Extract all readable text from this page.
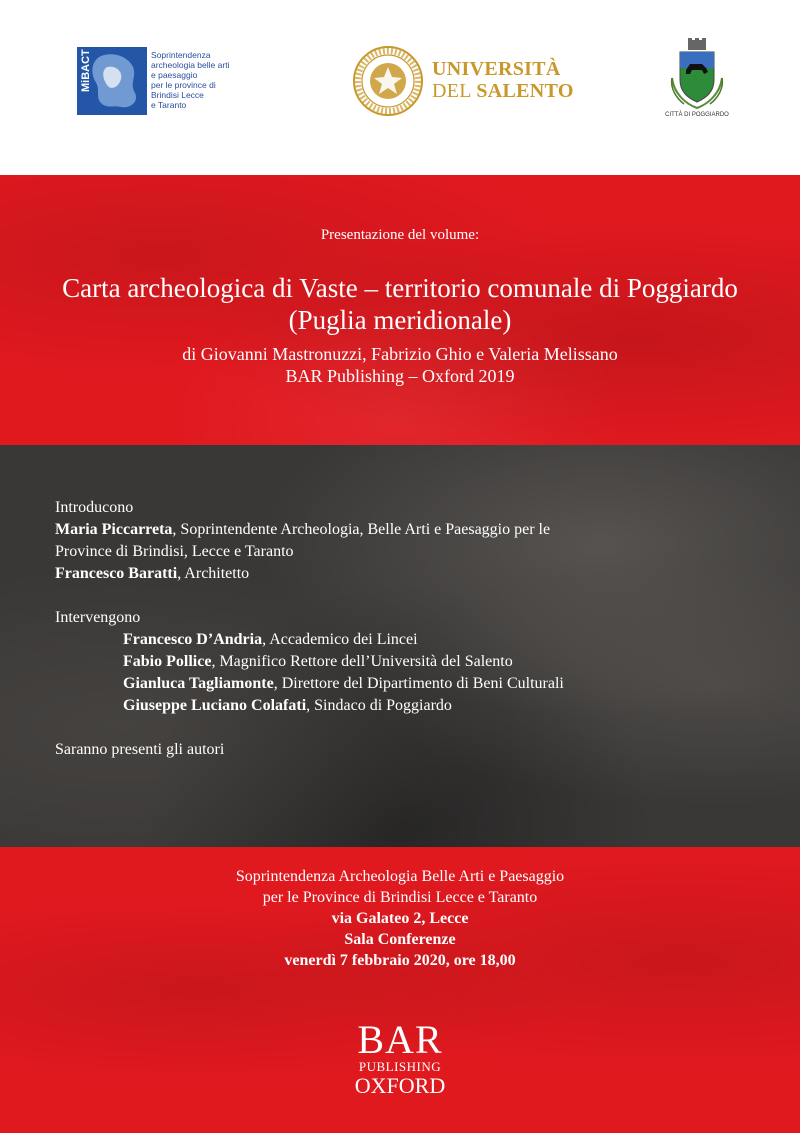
MiBACT	Soprintendenza
archeologia belle arti
e paesaggio
per le province di
Brindisi Lecce
e Taranto
UNIVERSITÀ
DEL SALENTO
CITTÀ DI POGGIARDO
Presentazione del volume:
Carta archeologica di Vaste – territorio comunale di Poggiardo
(Puglia meridionale)
di Giovanni Mastronuzzi, Fabrizio Ghio e Valeria Melissano
BAR Publishing – Oxford 2019
Introducono
Maria Piccarreta, Soprintendente Archeologia, Belle Arti e Paesaggio per le
Province di Brindisi, Lecce e Taranto
Francesco Baratti, Architetto
Intervengono
Francesco D’Andria, Accademico dei Lincei
Fabio Pollice, Magnifico Rettore dell’Università del Salento
Gianluca Tagliamonte, Direttore del Dipartimento di Beni Culturali
Giuseppe Luciano Colafati, Sindaco di Poggiardo
Saranno presenti gli autori
Soprintendenza Archeologia Belle Arti e Paesaggio
per le Province di Brindisi Lecce e Taranto
via Galateo 2, Lecce
Sala Conferenze
venerdì 7 febbraio 2020, ore 18,00
BAR
PUBLISHING
OXFORD
